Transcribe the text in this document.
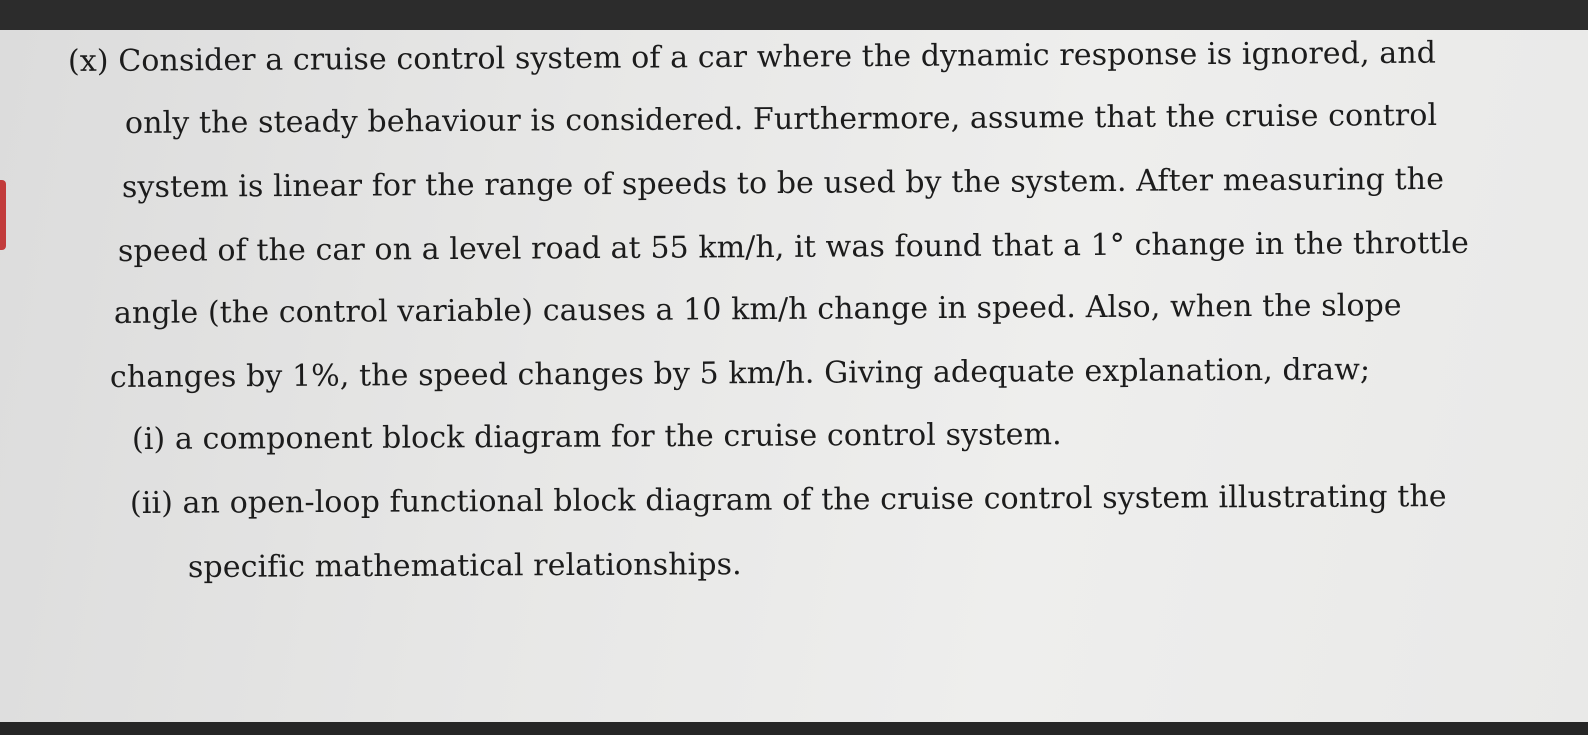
(x) Consider a cruise control system of a car where the dynamic response is ignored, and
only the steady behaviour is considered. Furthermore, assume that the cruise control
system is linear for the range of speeds to be used by the system. After measuring the
speed of the car on a level road at 55 km/h, it was found that a 1° change in the throttle
angle (the control variable) causes a 10 km/h change in speed. Also, when the slope
changes by 1%, the speed changes by 5 km/h. Giving adequate explanation, draw;
(i) a component block diagram for the cruise control system.
(ii) an open-loop functional block diagram of the cruise control system illustrating the
specific mathematical relationships.
